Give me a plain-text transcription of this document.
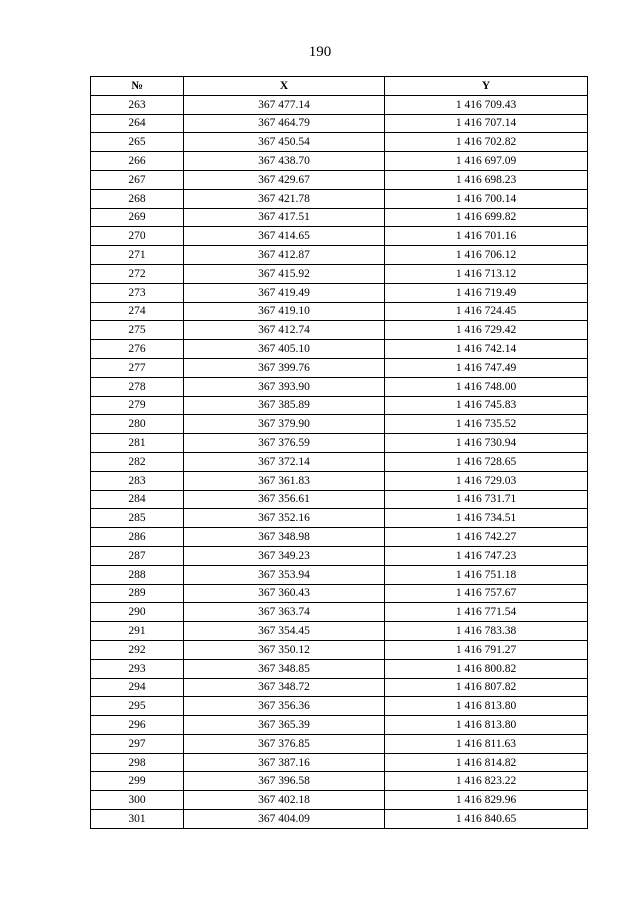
190
№	X	Y
263	367 477.14	1 416 709.43
264	367 464.79	1 416 707.14
265	367 450.54	1 416 702.82
266	367 438.70	1 416 697.09
267	367 429.67	1 416 698.23
268	367 421.78	1 416 700.14
269	367 417.51	1 416 699.82
270	367 414.65	1 416 701.16
271	367 412.87	1 416 706.12
272	367 415.92	1 416 713.12
273	367 419.49	1 416 719.49
274	367 419.10	1 416 724.45
275	367 412.74	1 416 729.42
276	367 405.10	1 416 742.14
277	367 399.76	1 416 747.49
278	367 393.90	1 416 748.00
279	367 385.89	1 416 745.83
280	367 379.90	1 416 735.52
281	367 376.59	1 416 730.94
282	367 372.14	1 416 728.65
283	367 361.83	1 416 729.03
284	367 356.61	1 416 731.71
285	367 352.16	1 416 734.51
286	367 348.98	1 416 742.27
287	367 349.23	1 416 747.23
288	367 353.94	1 416 751.18
289	367 360.43	1 416 757.67
290	367 363.74	1 416 771.54
291	367 354.45	1 416 783.38
292	367 350.12	1 416 791.27
293	367 348.85	1 416 800.82
294	367 348.72	1 416 807.82
295	367 356.36	1 416 813.80
296	367 365.39	1 416 813.80
297	367 376.85	1 416 811.63
298	367 387.16	1 416 814.82
299	367 396.58	1 416 823.22
300	367 402.18	1 416 829.96
301	367 404.09	1 416 840.65
